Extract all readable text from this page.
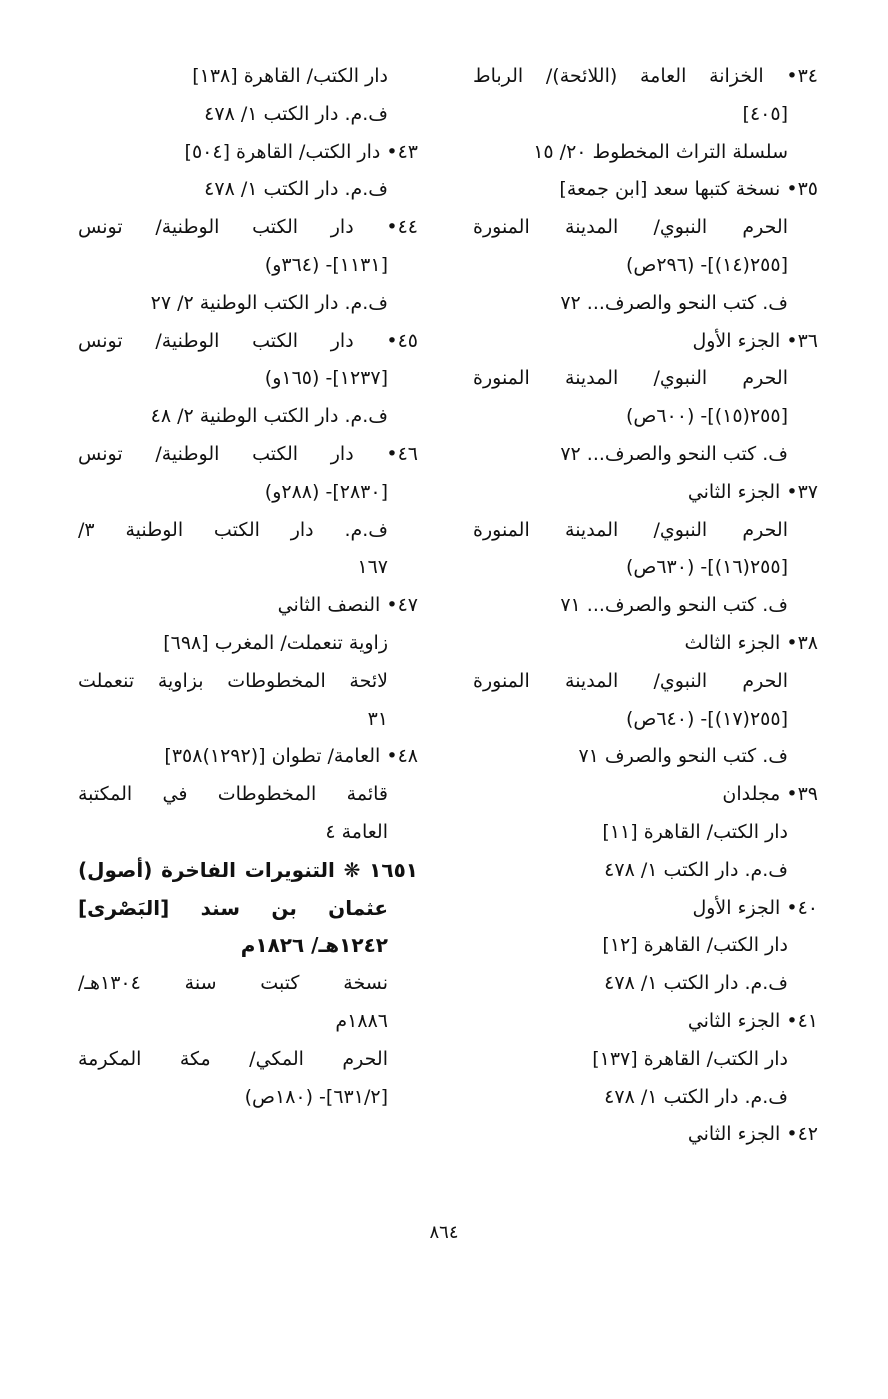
٣٤• الخزانة العامة (اللائحة)/ الرباط
[٤٠٥]
سلسلة التراث المخطوط ٢٠/ ١٥
٣٥• نسخة كتبها سعد [ابن جمعة]
الحرم النبوي/ المدينة المنورة
[٢٥٥(١٤)]- (٢٩٦ص)
ف. كتب النحو والصرف... ٧٢
٣٦• الجزء الأول
الحرم النبوي/ المدينة المنورة
[٢٥٥(١٥)]- (٦٠٠ص)
ف. كتب النحو والصرف... ٧٢
٣٧• الجزء الثاني
الحرم النبوي/ المدينة المنورة
[٢٥٥(١٦)]- (٦٣٠ص)
ف. كتب النحو والصرف... ٧١
٣٨• الجزء الثالث
الحرم النبوي/ المدينة المنورة
[٢٥٥(١٧)]- (٦٤٠ص)
ف. كتب النحو والصرف ٧١
٣٩• مجلدان
دار الكتب/ القاهرة [١١]
ف.م. دار الكتب ١/ ٤٧٨
٤٠• الجزء الأول
دار الكتب/ القاهرة [١٢]
ف.م. دار الكتب ١/ ٤٧٨
٤١• الجزء الثاني
دار الكتب/ القاهرة [١٣٧]
ف.م. دار الكتب ١/ ٤٧٨
٤٢• الجزء الثاني
دار الكتب/ القاهرة [١٣٨]
ف.م. دار الكتب ١/ ٤٧٨
٤٣• دار الكتب/ القاهرة [٥٠٤]
ف.م. دار الكتب ١/ ٤٧٨
٤٤• دار الكتب الوطنية/ تونس
[١١٣١]- (٣٦٤و)
ف.م. دار الكتب الوطنية ٢/ ٢٧
٤٥• دار الكتب الوطنية/ تونس
[١٢٣٧]- (١٦٥و)
ف.م. دار الكتب الوطنية ٢/ ٤٨
٤٦• دار الكتب الوطنية/ تونس
[٢٨٣٠]- (٢٨٨و)
ف.م. دار الكتب الوطنية ٣/
١٦٧
٤٧• النصف الثاني
زاوية تنعملت/ المغرب [٦٩٨]
لائحة المخطوطات بزاوية تنعملت
٣١
٤٨• العامة/ تطوان [(١٢٩٢)٣٥٨]
قائمة المخطوطات في المكتبة
العامة ٤
١٦٥١ ❋ التنويرات الفاخرة (أصول)
عثمان بن سند [البَصْرى]
١٢٤٢هـ/ ١٨٢٦م
نسخة كتبت سنة ١٣٠٤هـ/
١٨٨٦م
الحرم المكي/ مكة المكرمة
[٦٣١/٢]- (١٨٠ص)
٨٦٤
